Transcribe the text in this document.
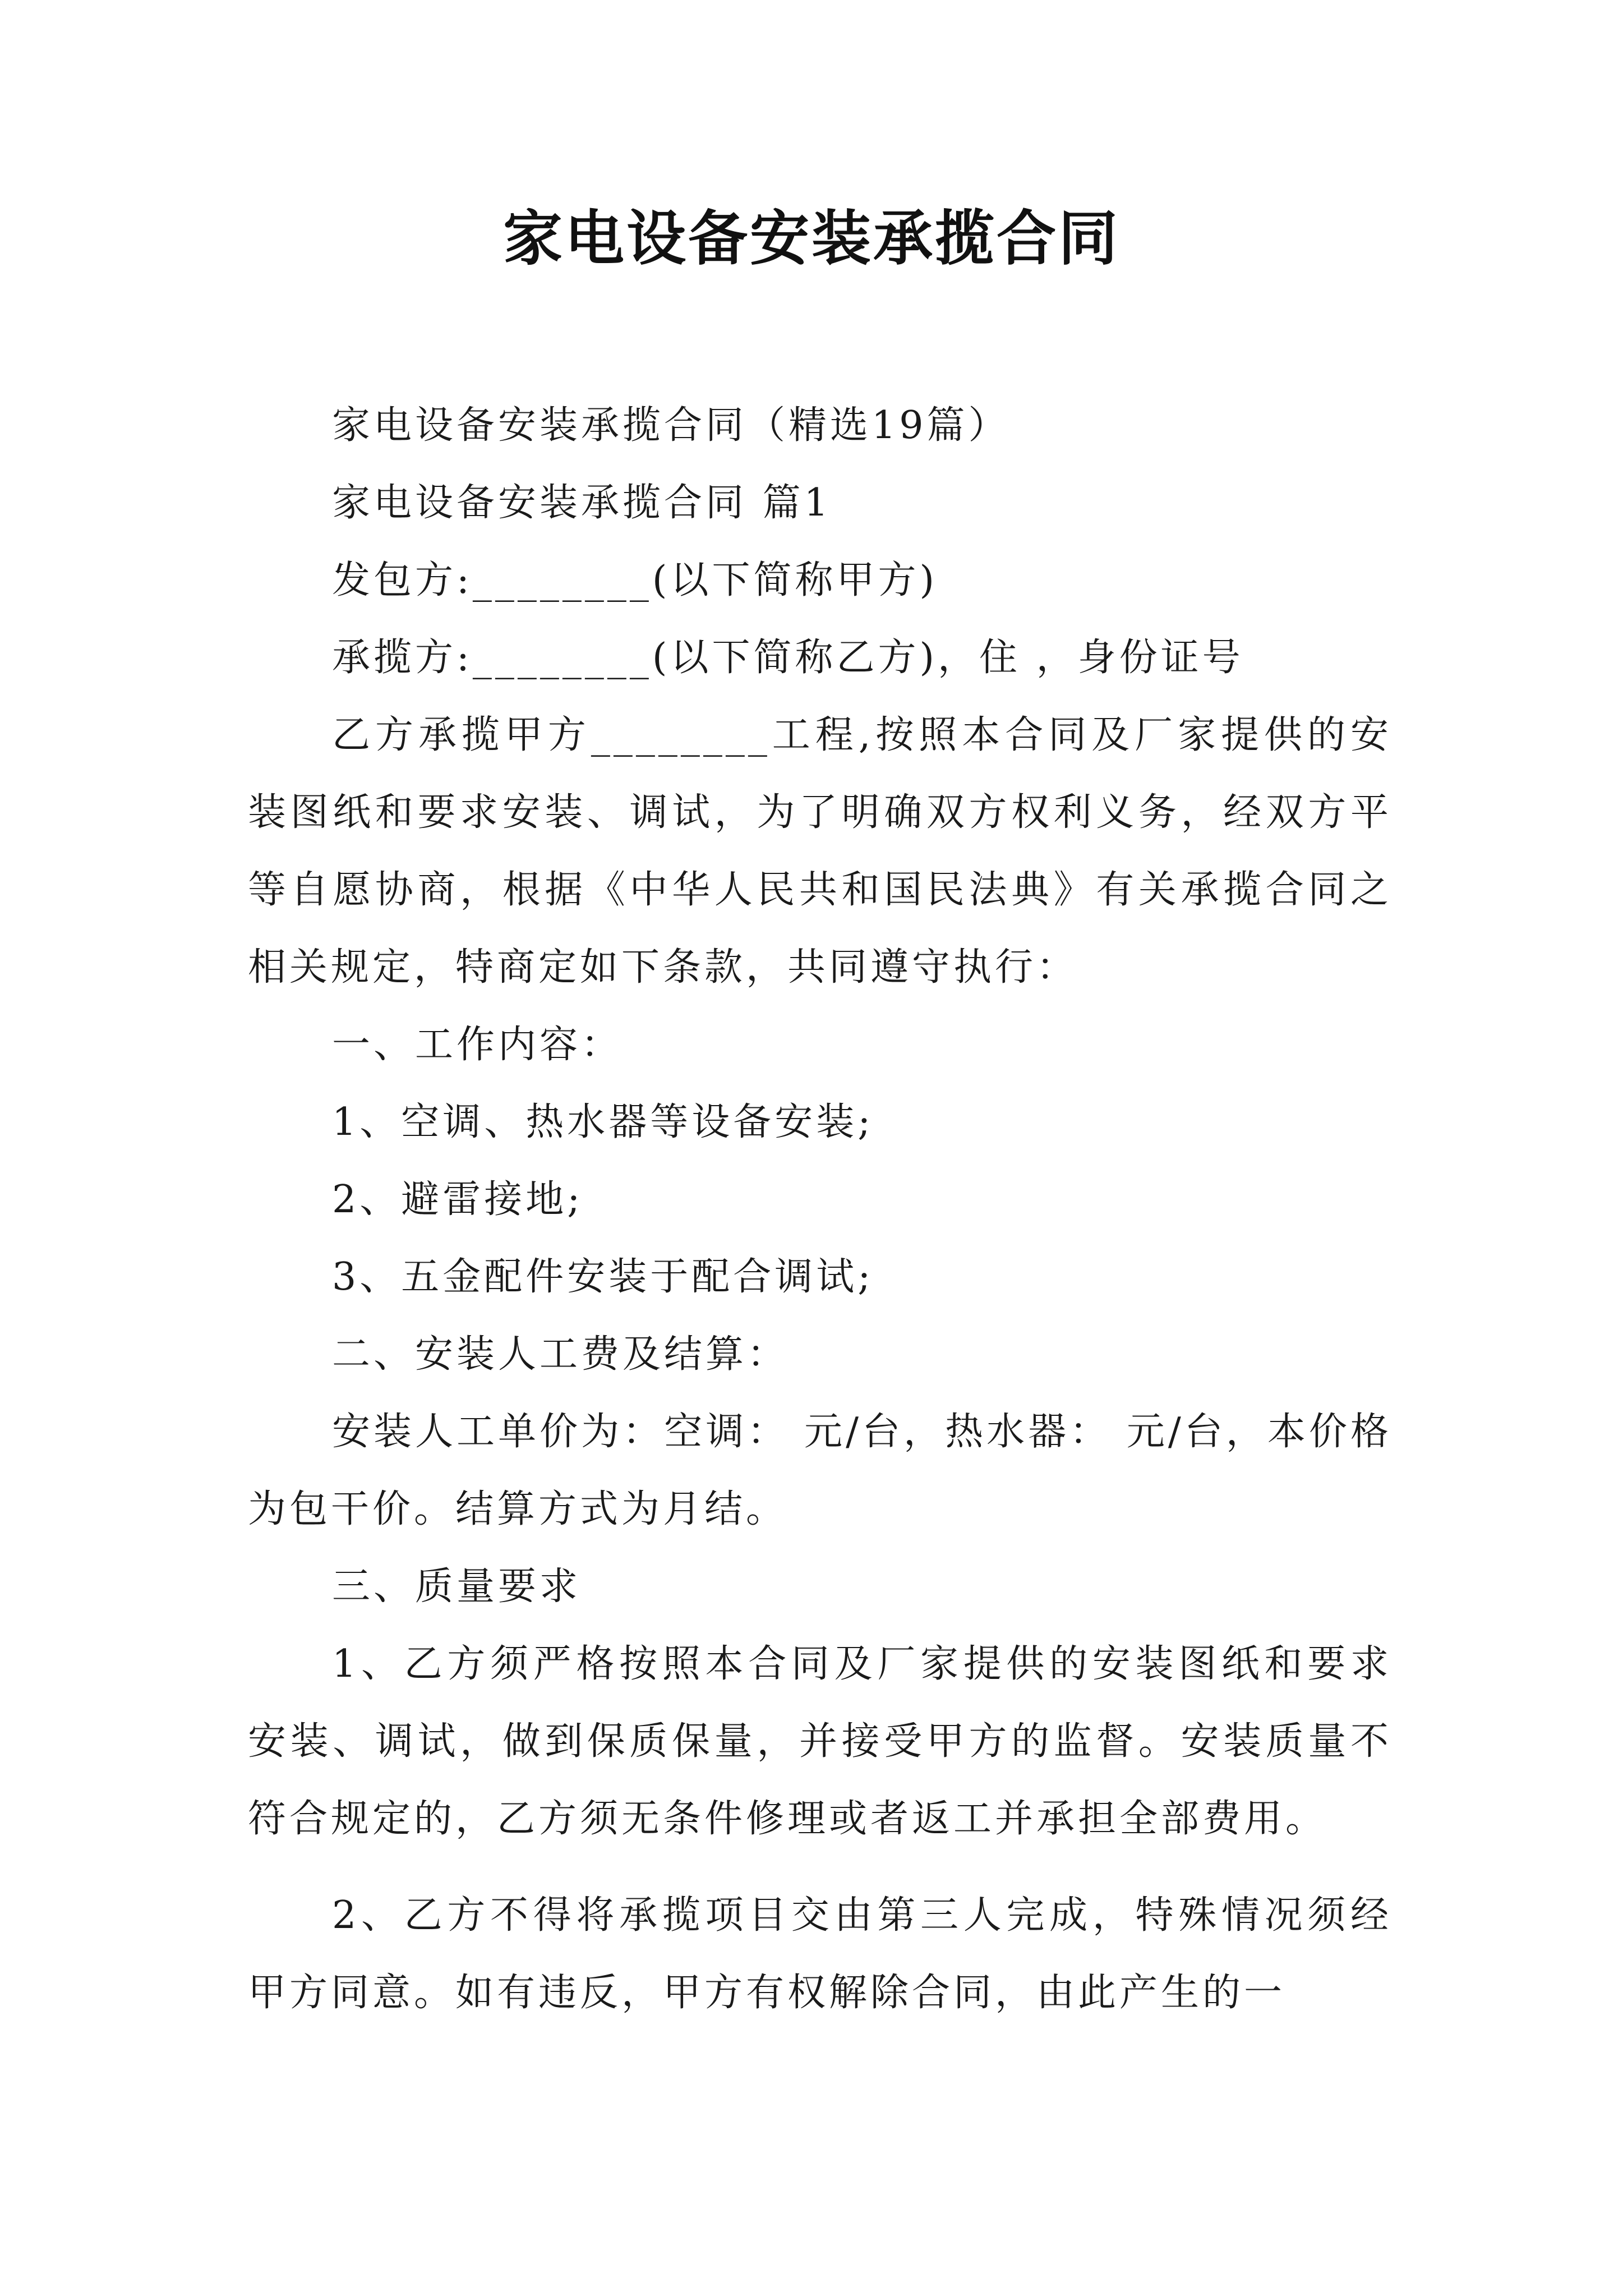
家电设备安装承揽合同

家电设备安装承揽合同（精选19篇）

家电设备安装承揽合同 篇1

发包方:________(以下简称甲方)

承揽方:________(以下简称乙方)，住 ，身份证号

乙方承揽甲方________工程,按照本合同及厂家提供的安装图纸和要求安装、调试，为了明确双方权利义务，经双方平等自愿协商，根据《中华人民共和国民法典》有关承揽合同之相关规定，特商定如下条款，共同遵守执行：

一、工作内容：

1、空调、热水器等设备安装;

2、避雷接地;

3、五金配件安装于配合调试;

二、安装人工费及结算：

安装人工单价为：空调： 元/台，热水器： 元/台，本价格为包干价。结算方式为月结。

三、质量要求

1、乙方须严格按照本合同及厂家提供的安装图纸和要求安装、调试，做到保质保量，并接受甲方的监督。安装质量不符合规定的，乙方须无条件修理或者返工并承担全部费用。

2、乙方不得将承揽项目交由第三人完成，特殊情况须经甲方同意。如有违反，甲方有权解除合同，由此产生的一
